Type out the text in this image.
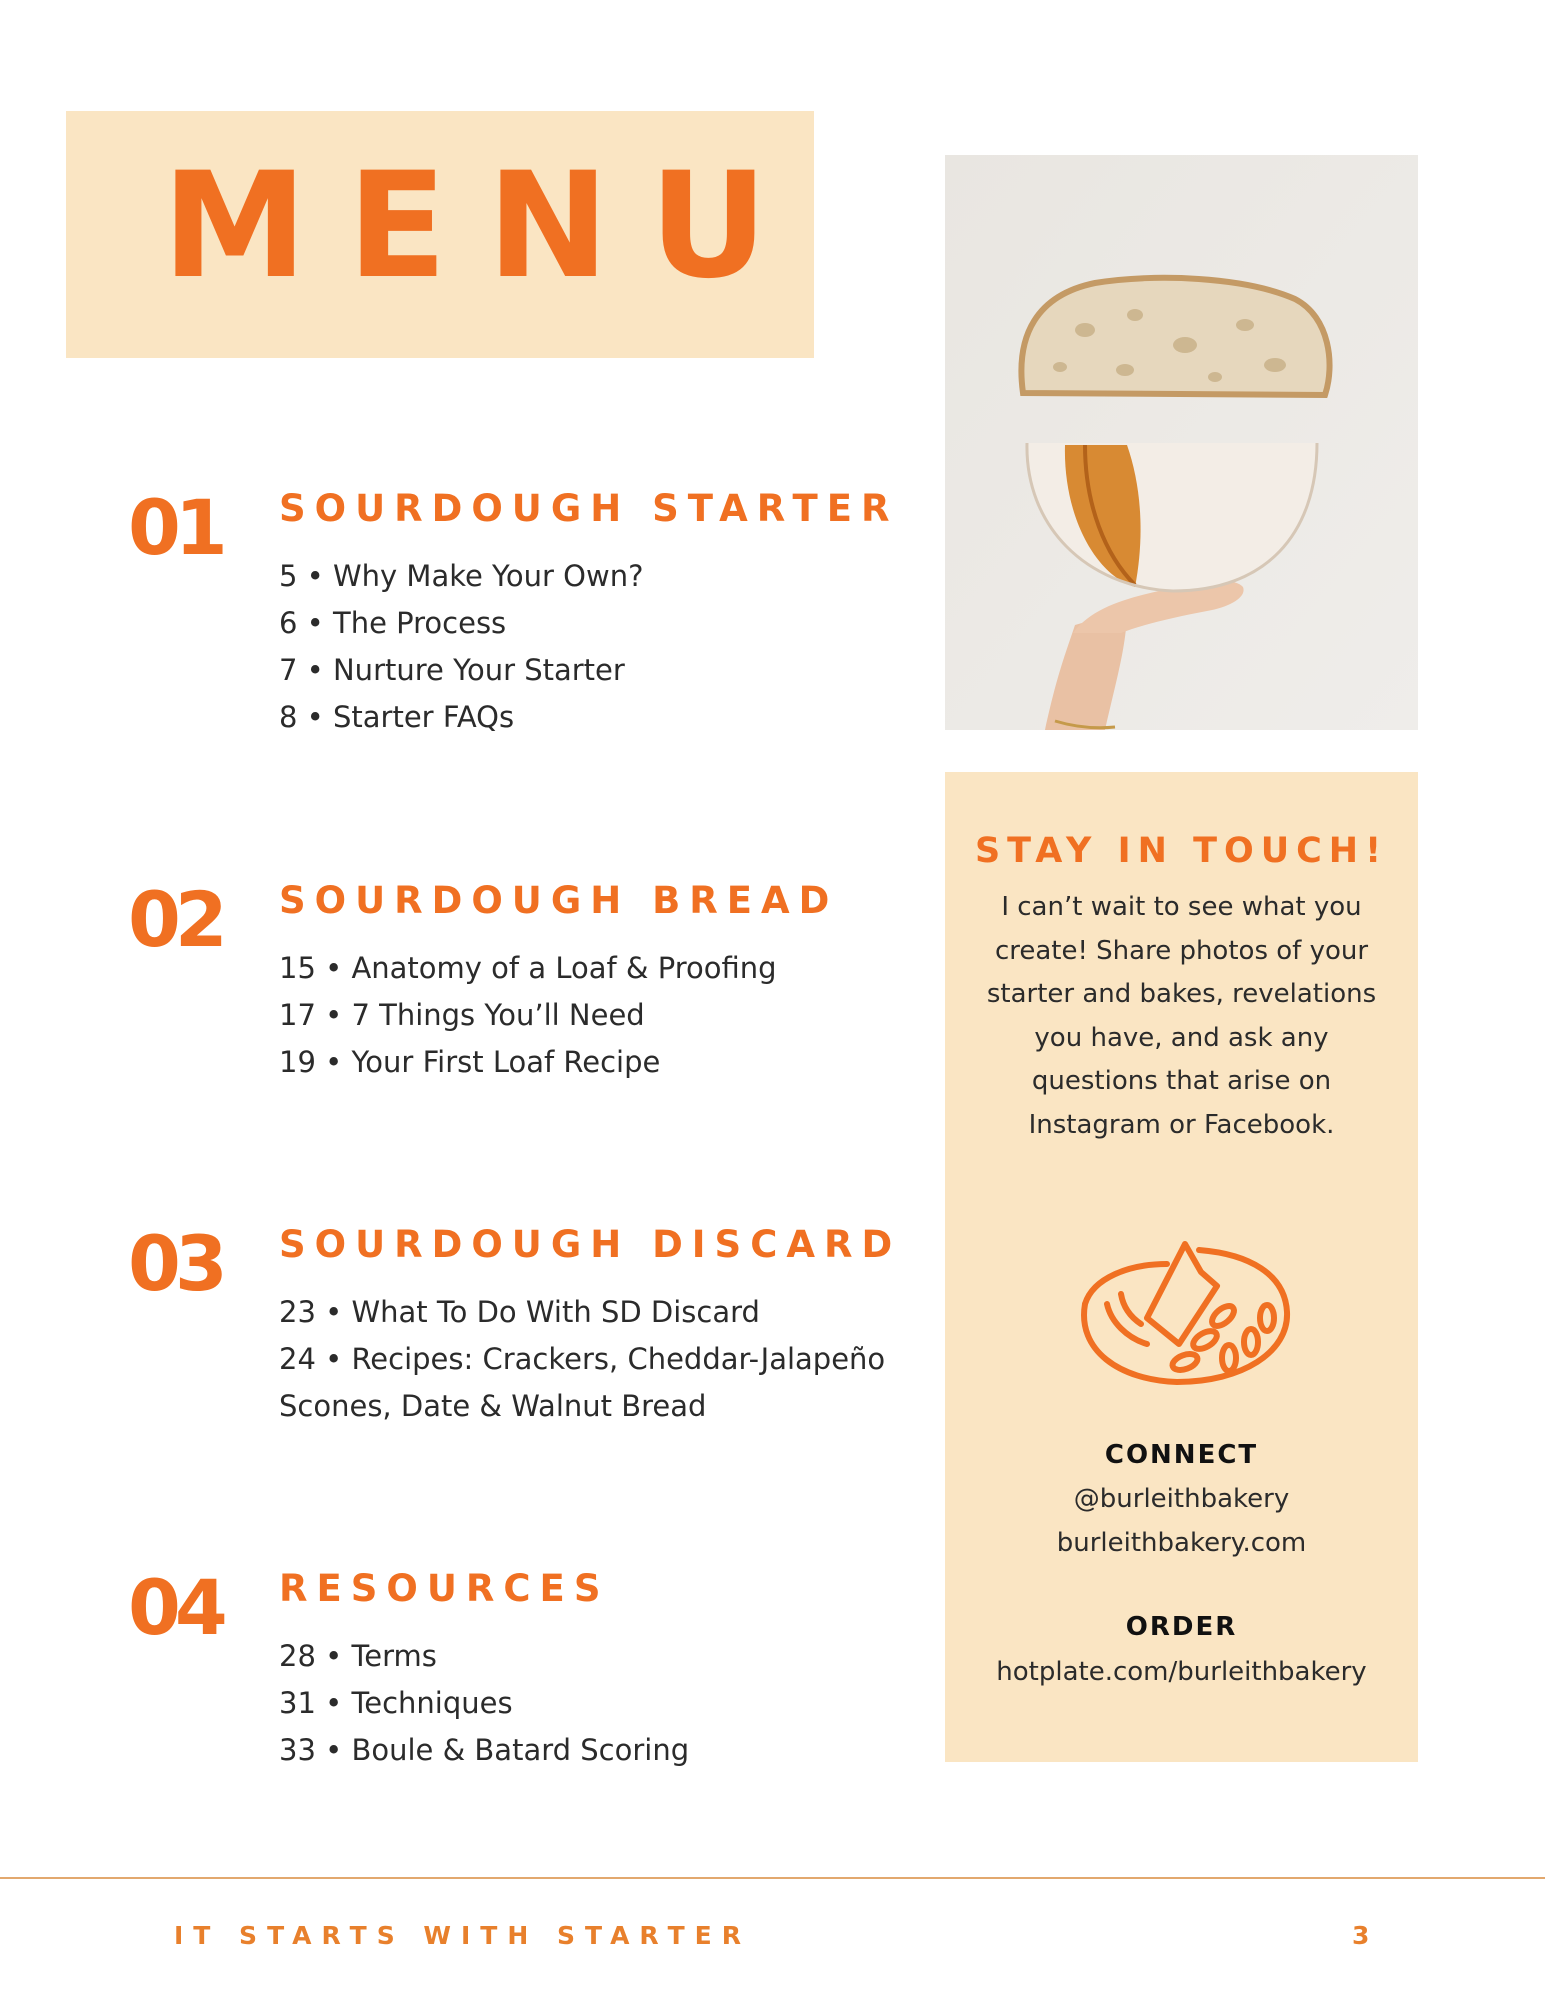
MENU
01 SOURDOUGH STARTER
5 • Why Make Your Own?
6 • The Process
7 • Nurture Your Starter
8 • Starter FAQs
02 SOURDOUGH BREAD
15 • Anatomy of a Loaf & Proofing
17 • 7 Things You’ll Need
19 • Your First Loaf Recipe
03 SOURDOUGH DISCARD
23 • What To Do With SD Discard
24 • Recipes: Crackers, Cheddar-Jalapeño Scones, Date & Walnut Bread
04 RESOURCES
28 • Terms
31 • Techniques
33 • Boule & Batard Scoring
STAY IN TOUCH!
I can’t wait to see what you create! Share photos of your starter and bakes, revelations you have, and ask any questions that arise on Instagram or Facebook.
CONNECT
@burleithbakery
burleithbakery.com
ORDER
hotplate.com/burleithbakery
IT STARTS WITH STARTER	3
